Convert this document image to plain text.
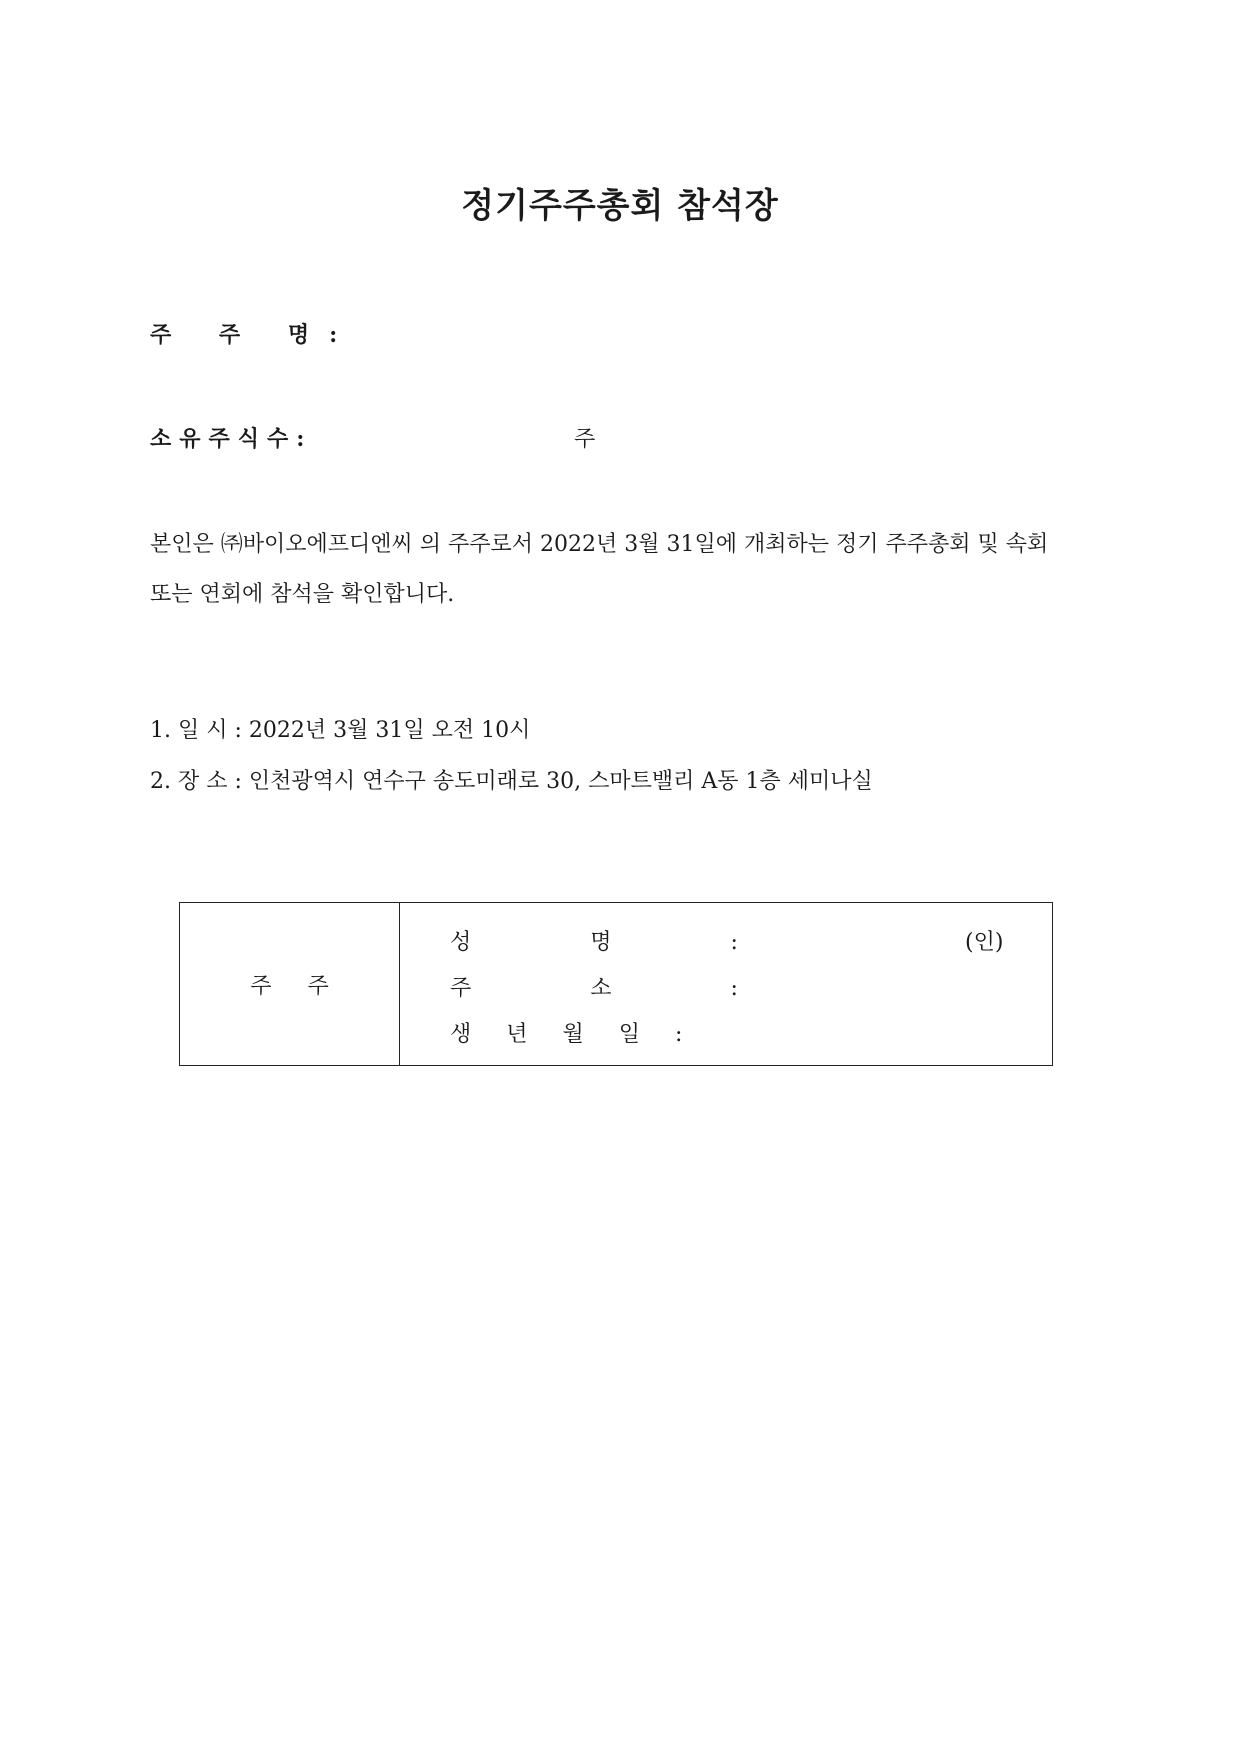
정기주주총회 참석장
주 주 명:
소유주식수:	주
본인은 ㈜바이오에프디엔씨 의 주주로서 2022년 3월 31일에 개최하는 정기 주주총회 및 속회
또는 연회에 참석을 확인합니다.
1. 일 시 : 2022년 3월 31일 오전 10시
2. 장 소 : 인천광역시 연수구 송도미래로 30, 스마트밸리 A동 1층 세미나실
주주
성 명 :	(인)
주 소 :
생 년 월 일 :
